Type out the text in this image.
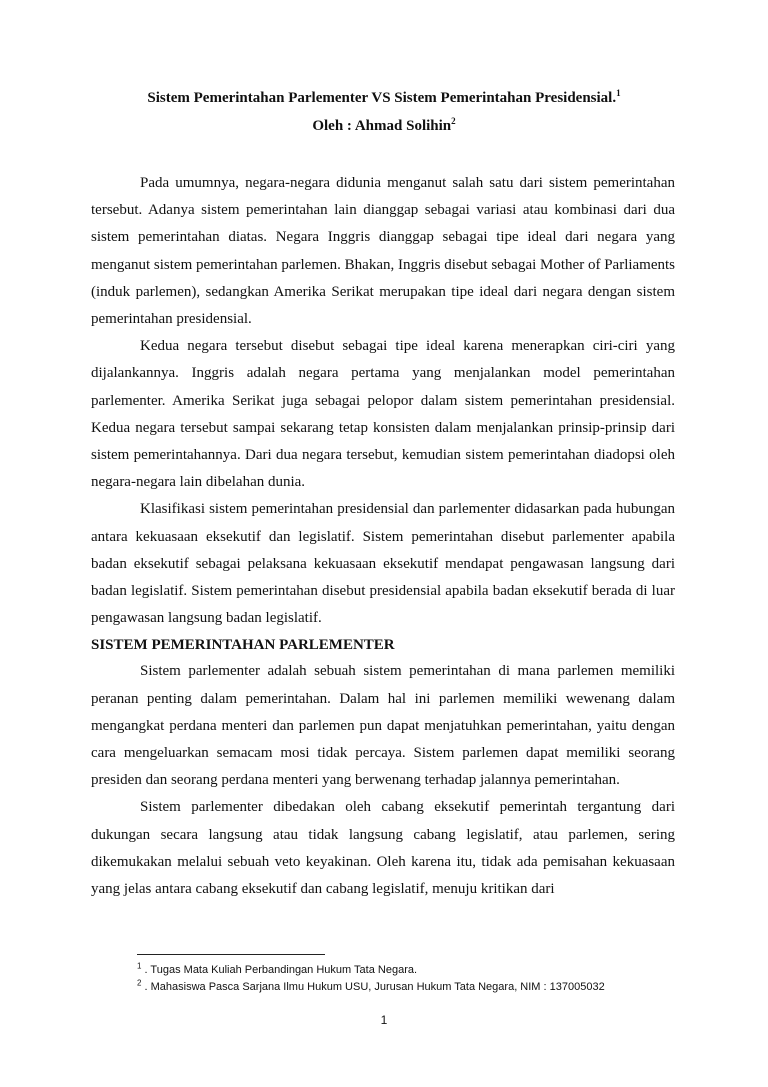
Sistem Pemerintahan Parlementer VS Sistem Pemerintahan Presidensial.$^1$
Oleh : Ahmad Solihin$^2$

Pada umumnya, negara-negara didunia menganut salah satu dari sistem pemerintahan tersebut. Adanya sistem pemerintahan lain dianggap sebagai variasi atau kombinasi dari dua sistem pemerintahan diatas. Negara Inggris dianggap sebagai tipe ideal dari negara yang menganut sistem pemerintahan parlemen. Bhakan, Inggris disebut sebagai Mother of Parliaments (induk parlemen), sedangkan Amerika Serikat merupakan tipe ideal dari negara dengan sistem pemerintahan presidensial.

Kedua negara tersebut disebut sebagai tipe ideal karena menerapkan ciri-ciri yang dijalankannya. Inggris adalah negara pertama yang menjalankan model pemerintahan parlementer. Amerika Serikat juga sebagai pelopor dalam sistem pemerintahan presidensial. Kedua negara tersebut sampai sekarang tetap konsisten dalam menjalankan prinsip-prinsip dari sistem pemerintahannya. Dari dua negara tersebut, kemudian sistem pemerintahan diadopsi oleh negara-negara lain dibelahan dunia.

Klasifikasi sistem pemerintahan presidensial dan parlementer didasarkan pada hubungan antara kekuasaan eksekutif dan legislatif. Sistem pemerintahan disebut parlementer apabila badan eksekutif sebagai pelaksana kekuasaan eksekutif mendapat pengawasan langsung dari badan legislatif. Sistem pemerintahan disebut presidensial apabila badan eksekutif berada di luar pengawasan langsung badan legislatif.

SISTEM PEMERINTAHAN PARLEMENTER

Sistem parlementer adalah sebuah sistem pemerintahan di mana parlemen memiliki peranan penting dalam pemerintahan. Dalam hal ini parlemen memiliki wewenang dalam mengangkat perdana menteri dan parlemen pun dapat menjatuhkan pemerintahan, yaitu dengan cara mengeluarkan semacam mosi tidak percaya. Sistem parlemen dapat memiliki seorang presiden dan seorang perdana menteri yang berwenang terhadap jalannya pemerintahan.

Sistem parlementer dibedakan oleh cabang eksekutif pemerintah tergantung dari dukungan secara langsung atau tidak langsung cabang legislatif, atau parlemen, sering dikemukakan melalui sebuah veto keyakinan. Oleh karena itu, tidak ada pemisahan kekuasaan yang jelas antara cabang eksekutif dan cabang legislatif, menuju kritikan dari

$^1$ . Tugas Mata Kuliah Perbandingan Hukum Tata Negara.
$^2$ . Mahasiswa Pasca Sarjana Ilmu Hukum USU, Jurusan Hukum Tata Negara, NIM : 137005032
1
